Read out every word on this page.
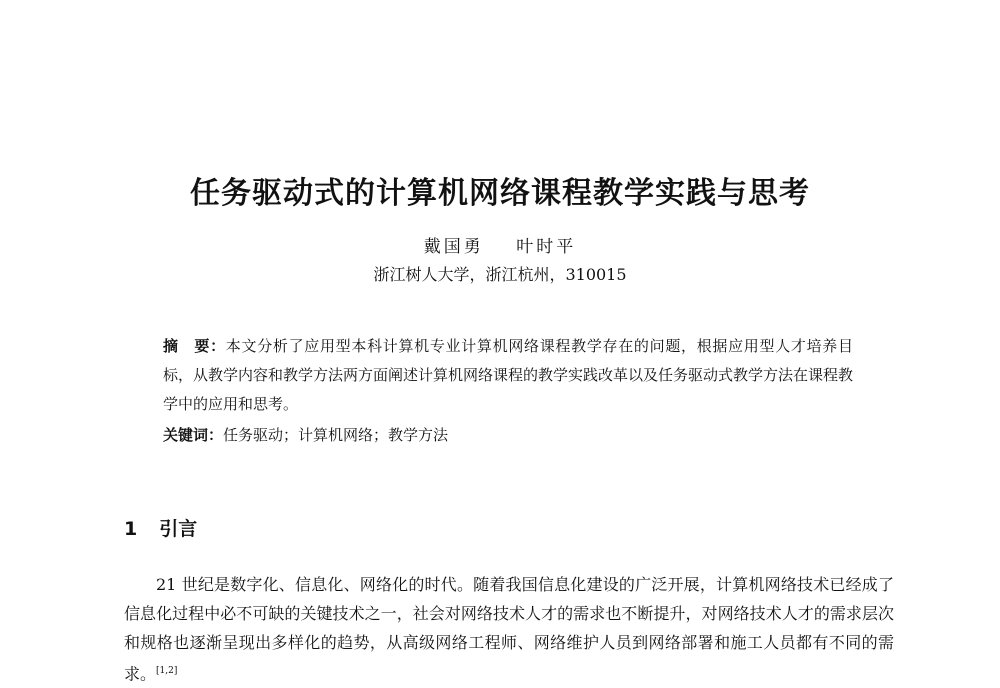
任务驱动式的计算机网络课程教学实践与思考
戴国勇 叶时平
浙江树人大学，浙江杭州，310015
摘　要：本文分析了应用型本科计算机专业计算机网络课程教学存在的问题，根据应用型人才培养目标，从教学内容和教学方法两方面阐述计算机网络课程的教学实践改革以及任务驱动式教学方法在课程教学中的应用和思考。
关键词：任务驱动；计算机网络；教学方法
1 引言

21 世纪是数字化、信息化、网络化的时代。随着我国信息化建设的广泛开展，计算机网络技术已经成了信息化过程中必不可缺的关键技术之一，社会对网络技术人才的需求也不断提升，对网络技术人才的需求层次和规格也逐渐呈现出多样化的趋势，从高级网络工程师、网络维护人员到网络部署和施工人员都有不同的需求。[1,2]
